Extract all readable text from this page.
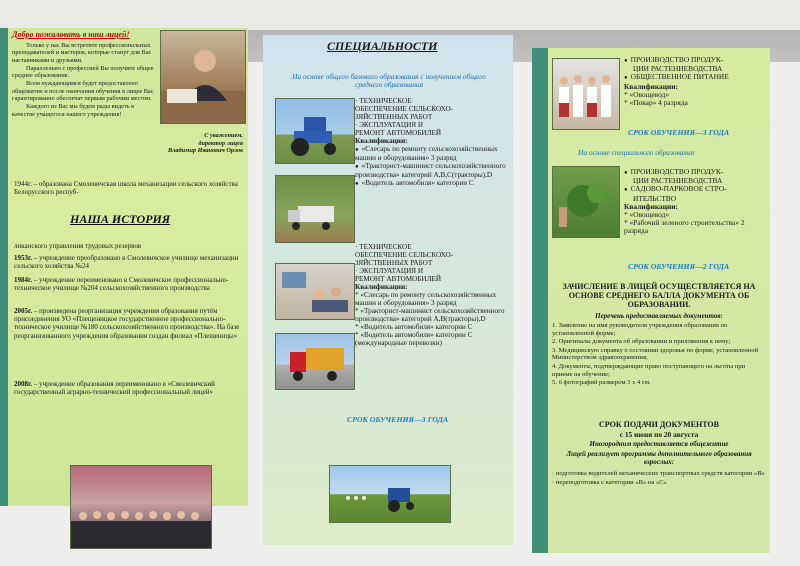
Добро пожаловать в наш лицей!

Только у нас Вы встретите профессиональных преподавателей и мастеров, которые станут для Вас наставниками и друзьями.

Параллельно с профессией Вы получите общее среднее образование.

Всем нуждающимся будет предоставлено общежитие и после окончания обучения в лицее Вас гарантированно обеспечат первым рабочим местом.

Каждого из Вас мы будем рады видеть в качестве учащегося нашего учреждения!

С уважением,
директор лицея
Владимир Иванович Орлов
1944г. – образована Смолевичская школа механизации сельского хозяйства Белорусского респуб-
НАША ИСТОРИЯ
ликанского управления трудовых резервов
1953г. – учреждение преобразовано в Смолевичское училище механизации сельского хозяйства №24
1984г. – учреждение переименовано в Смолевичское профессионально-техническое училище №204 сельскохозяйственного производства
2005г. – произведена реорганизация учреждения образования путём присоединения УО «Плещеницкое государственное профессионально-техническое училище №180 сельскохозяйственного производства». На базе реорганизованного учреждения образования создан филиал «Плещеницы»
2008г. – учреждение образования переименовано в «Смолевичский государственный аграрно-технический профессиональный лицей»
СПЕЦИАЛЬНОСТИ
На основе общего базового образования с получением общего среднего образования
· ТЕХНИЧЕСКОЕ
ОБЕСПЕЧЕНИЕ СЕЛЬСКОХО-
ЗЯЙСТВЕННЫХ РАБОТ
· ЭКСПЛУАТАЦИЯ И
РЕМОНТ АВТОМОБИЛЕЙ
Квалификации:
● «Слесарь по ремонту сельскохозяйственных машин и оборудования» 3 разряд
● «Тракторист-машинист сельскохозяйственного производства» категорий А,В,С(тракторы),D
● «Водитель автомобиля» категории С
· ТЕХНИЧЕСКОЕ
ОБЕСПЕЧЕНИЕ СЕЛЬСКОХО-
ЗЯЙСТВЕННЫХ РАБОТ
· ЭКСПЛУАТАЦИЯ И
РЕМОНТ АВТОМОБИЛЕЙ
Квалификации:
* «Слесарь по ремонту сельскохозяйственных машин и оборудования» 3 разряд
* «Тракторист-машинист сельскохозяйственного производства» категорий А,В(тракторы),D
* «Водитель автомобиля» категории С
* «Водитель автомобиля» категории С (международные перевозки)
СРОК ОБУЧЕНИЯ—3 ГОДА
● ПРОИЗВОДСТВО ПРОДУК-
ЦИИ РАСТЕНИЕВОДСТВА
● ОБЩЕСТВЕННОЕ ПИТАНИЕ
Квалификации:
* «Овощевод»
* «Повар» 4 разряда
СРОК ОБУЧЕНИЯ—3 ГОДА
На основе специального образования
● ПРОИЗВОДСТВО ПРОДУК-
ЦИИ РАСТЕНИЕВОДСТВА
● САДОВО-ПАРКОВОЕ СТРО-
ИТЕЛЬСТВО
Квалификации:
* «Овощевод»
* «Рабочий зеленого строительства» 2 разряда
СРОК ОБУЧЕНИЯ—2 ГОДА
ЗАЧИСЛЕНИЕ В ЛИЦЕЙ ОСУЩЕСТВЛЯЕТСЯ НА ОСНОВЕ СРЕДНЕГО БАЛЛА ДОКУМЕНТА ОБ ОБРАЗОВАНИИ.
Перечень предоставляемых документов:
1. Заявление на имя руководителя учреждения образования по установленной форме;
2. Оригиналы документа об образовании и приложения к нему;
3. Медицинскую справку о состоянии здоровья по форме, установленной Министерством здравоохранения;
4. Документы, подтверждающие право поступающего на льготы при приеме на обучение;
5. 6 фотографий размером 3 х 4 см.
СРОК ПОДАЧИ ДОКУМЕНТОВ
с 15 июня по 20 августа
Иногородним предоставляется общежитие
Лицей реализует программы дополнительного образования взрослых:
· подготовка водителей механических транспортных средств категории «В»
· переподготовка с категории «В» на «С»
